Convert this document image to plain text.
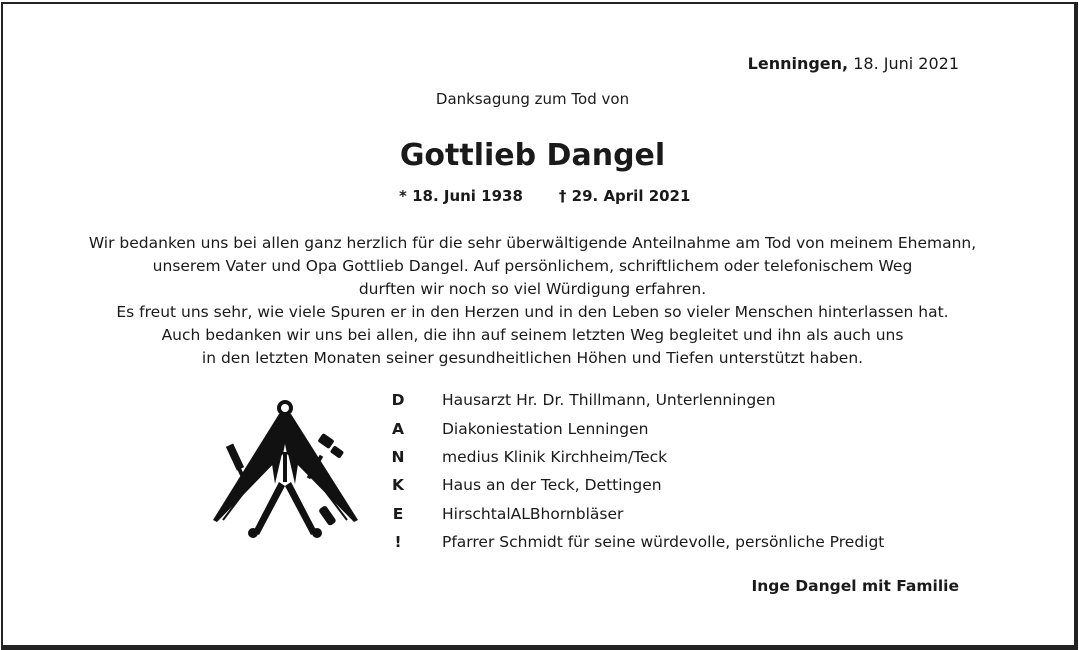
Lenningen, 18. Juni 2021
Danksagung zum Tod von
Gottlieb Dangel
* 18. Juni 1938 † 29. April 2021
Wir bedanken uns bei allen ganz herzlich für die sehr überwältigende Anteilnahme am Tod von meinem Ehemann,
unserem Vater und Opa Gottlieb Dangel. Auf persönlichem, schriftlichem oder telefonischem Weg
durften wir noch so viel Würdigung erfahren.
Es freut uns sehr, wie viele Spuren er in den Herzen und in den Leben so vieler Menschen hinterlassen hat.
Auch bedanken wir uns bei allen, die ihn auf seinem letzten Weg begleitet und ihn als auch uns
in den letzten Monaten seiner gesundheitlichen Höhen und Tiefen unterstützt haben.
D Hausarzt Hr. Dr. Thillmann, Unterlenningen
A Diakoniestation Lenningen
N medius Klinik Kirchheim/Teck
K Haus an der Teck, Dettingen
E HirschtalALBhornbläser
!	Pfarrer Schmidt für seine würdevolle, persönliche Predigt
Inge Dangel mit Familie
